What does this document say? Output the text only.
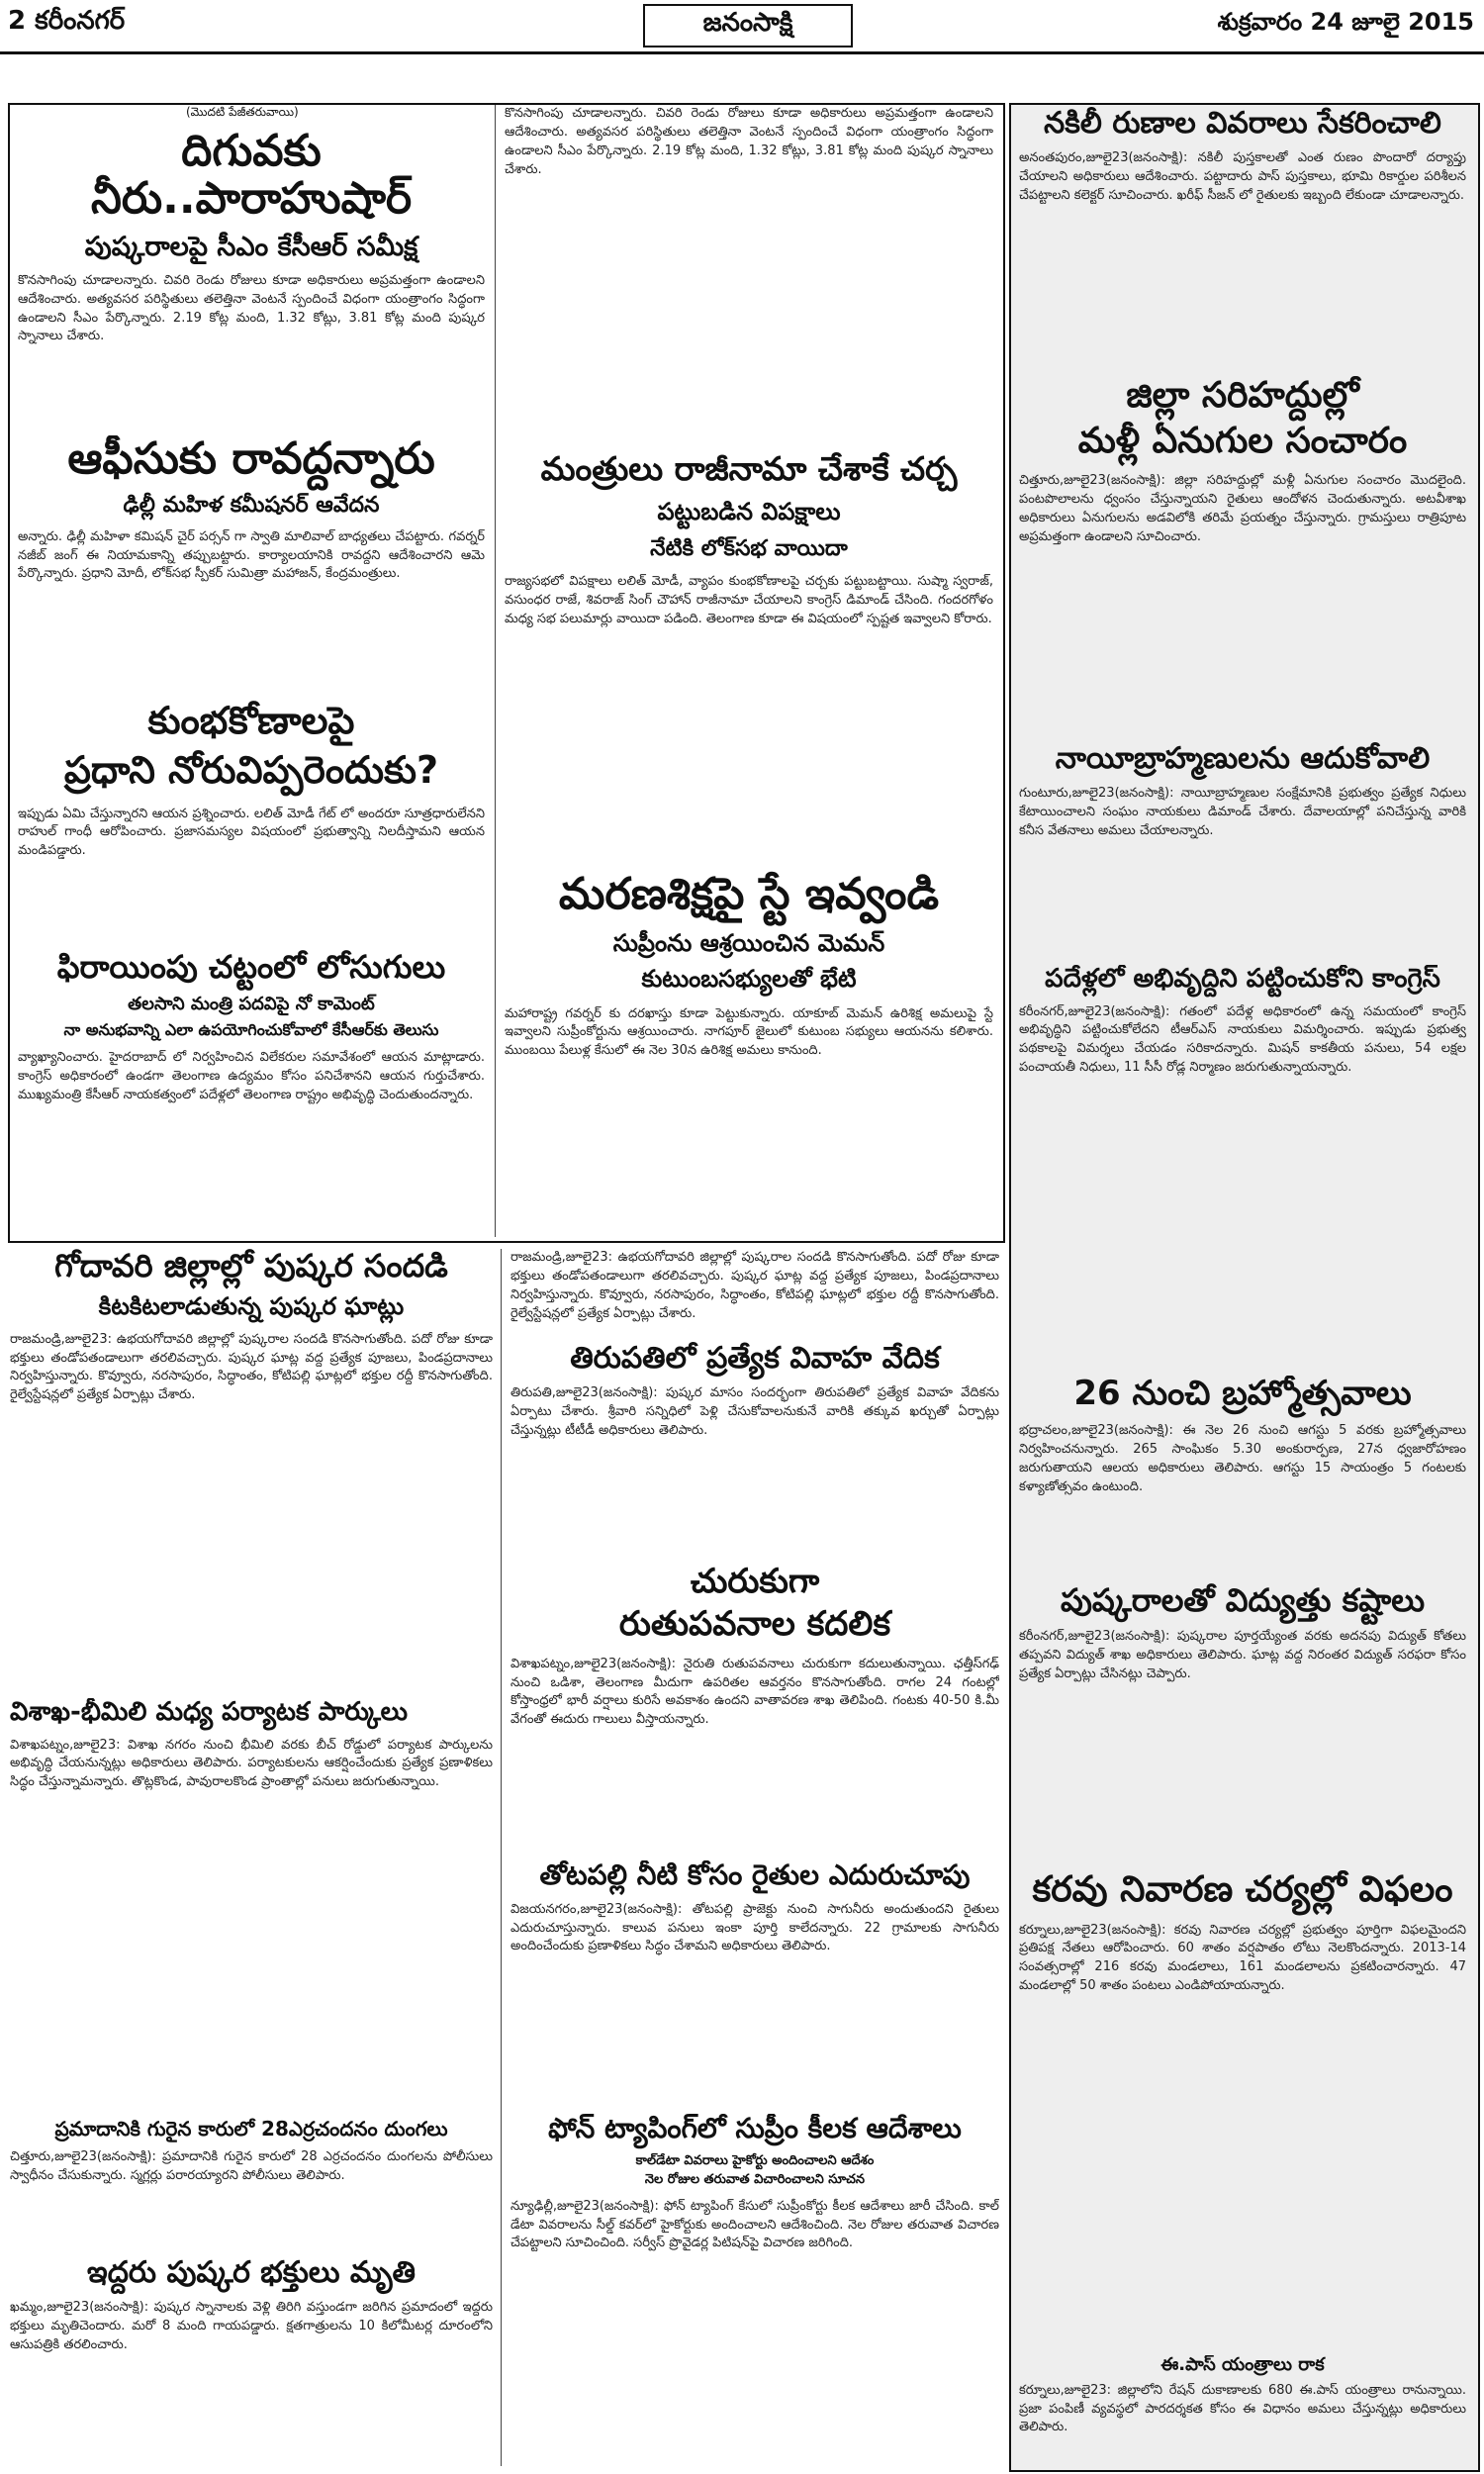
2 కరీంనగర్	జనంసాక్షి	శుక్రవారం 24 జూలై 2015
(మొదటి పేజీతరువాయి)
దిగువకు నీరు..పారాహుషార్
పుష్కరాలపై సీఎం కేసీఆర్ సమీక్ష
కొనసాగింపు చూడాలన్నారు. చివరి రెండు రోజులు కూడా అధికారులు అప్రమత్తంగా ఉండాలని ఆదేశించారు. అత్యవసర పరిస్థితులు తలెత్తినా వెంటనే స్పందించే విధంగా యంత్రాంగం సిద్ధంగా ఉండాలని సీఎం పేర్కొన్నారు. 2.19 కోట్ల మంది, 1.32 కోట్లు, 3.81 కోట్ల మంది పుష్కర స్నానాలు చేశారు.
ఆఫీసుకు రావద్దన్నారు
ఢిల్లీ మహిళ కమీషనర్ ఆవేదన
అన్నారు. ఢిల్లీ మహిళా కమిషన్ చైర్ పర్సన్ గా స్వాతి మాలివాల్ బాధ్యతలు చేపట్టారు. గవర్నర్ నజీబ్ జంగ్ ఈ నియామకాన్ని తప్పుబట్టారు. కార్యాలయానికి రావద్దని ఆదేశించారని ఆమె పేర్కొన్నారు. ప్రధాని మోదీ, లోక్‌సభ స్పీకర్ సుమిత్రా మహాజన్, కేంద్రమంత్రులు.
కుంభకోణాలపై
ప్రధాని నోరువిప్పరెందుకు?
ఇప్పుడు ఏమి చేస్తున్నారని ఆయన ప్రశ్నించారు. లలిత్ మోడీ గేట్ లో అందరూ సూత్రధారులేనని రాహుల్ గాంధీ ఆరోపించారు. ప్రజాసమస్యల విషయంలో ప్రభుత్వాన్ని నిలదీస్తామని ఆయన మండిపడ్డారు.
ఫిరాయింపు చట్టంలో లోసుగులు
తలసాని మంత్రి పదవిపై నో కామెంట్
నా అనుభవాన్ని ఎలా ఉపయోగించుకోవాలో కేసీఆర్‌కు తెలుసు
వ్యాఖ్యానించారు. హైదరాబాద్ లో నిర్వహించిన విలేకరుల సమావేశంలో ఆయన మాట్లాడారు. కాంగ్రెస్ అధికారంలో ఉండగా తెలంగాణ ఉద్యమం కోసం పనిచేశానని ఆయన గుర్తుచేశారు. ముఖ్యమంత్రి కేసీఆర్ నాయకత్వంలో పదేళ్లలో తెలంగాణ రాష్ట్రం అభివృద్ధి చెందుతుందన్నారు.
కొనసాగింపు చూడాలన్నారు. చివరి రెండు రోజులు కూడా అధికారులు అప్రమత్తంగా ఉండాలని ఆదేశించారు. అత్యవసర పరిస్థితులు తలెత్తినా వెంటనే స్పందించే విధంగా యంత్రాంగం సిద్ధంగా ఉండాలని సీఎం పేర్కొన్నారు. 2.19 కోట్ల మంది, 1.32 కోట్లు, 3.81 కోట్ల మంది పుష్కర స్నానాలు చేశారు.
మంత్రులు రాజీనామా చేశాకే చర్చ
పట్టుబడిన విపక్షాలు
నేటికి లోక్‌సభ వాయిదా
రాజ్యసభలో విపక్షాలు లలిత్ మోడీ, వ్యాపం కుంభకోణాలపై చర్చకు పట్టుబట్టాయి. సుష్మా స్వరాజ్, వసుంధర రాజే, శివరాజ్ సింగ్ చౌహాన్ రాజీనామా చేయాలని కాంగ్రెస్ డిమాండ్ చేసింది. గందరగోళం మధ్య సభ పలుమార్లు వాయిదా పడింది. తెలంగాణ కూడా ఈ విషయంలో స్పష్టత ఇవ్వాలని కోరారు.
మరణశిక్షపై స్టే ఇవ్వండి
సుప్రీంను ఆశ్రయించిన మెమన్
కుటుంబసభ్యులతో భేటి
మహారాష్ట్ర గవర్నర్ కు దరఖాస్తు కూడా పెట్టుకున్నారు. యాకూబ్ మెమన్ ఉరిశిక్ష అమలుపై స్టే ఇవ్వాలని సుప్రీంకోర్టును ఆశ్రయించారు. నాగపూర్ జైలులో కుటుంబ సభ్యులు ఆయనను కలిశారు. ముంబయి పేలుళ్ల కేసులో ఈ నెల 30న ఉరిశిక్ష అమలు కానుంది.
నకిలీ రుణాల వివరాలు సేకరించాలి
అనంతపురం,జూలై23(జనంసాక్షి): నకిలీ పుస్తకాలతో ఎంత రుణం పొందారో దర్యాప్తు చేయాలని అధికారులు ఆదేశించారు. పట్టాదారు పాస్ పుస్తకాలు, భూమి రికార్డుల పరిశీలన చేపట్టాలని కలెక్టర్ సూచించారు. ఖరీఫ్ సీజన్ లో రైతులకు ఇబ్బంది లేకుండా చూడాలన్నారు.
జిల్లా సరిహద్దుల్లో
మళ్లీ ఏనుగుల సంచారం
చిత్తూరు,జూలై23(జనంసాక్షి): జిల్లా సరిహద్దుల్లో మళ్లీ ఏనుగుల సంచారం మొదలైంది. పంటపొలాలను ధ్వంసం చేస్తున్నాయని రైతులు ఆందోళన చెందుతున్నారు. అటవీశాఖ అధికారులు ఏనుగులను అడవిలోకి తరిమే ప్రయత్నం చేస్తున్నారు. గ్రామస్తులు రాత్రిపూట అప్రమత్తంగా ఉండాలని సూచించారు.
నాయీబ్రాహ్మణులను ఆదుకోవాలి
గుంటూరు,జూలై23(జనంసాక్షి): నాయీబ్రాహ్మణుల సంక్షేమానికి ప్రభుత్వం ప్రత్యేక నిధులు కేటాయించాలని సంఘం నాయకులు డిమాండ్ చేశారు. దేవాలయాల్లో పనిచేస్తున్న వారికి కనీస వేతనాలు అమలు చేయాలన్నారు.
పదేళ్లలో అభివృద్దిని పట్టించుకోని కాంగ్రెస్
కరీంనగర్,జూలై23(జనంసాక్షి): గతంలో పదేళ్ల అధికారంలో ఉన్న సమయంలో కాంగ్రెస్ అభివృద్ధిని పట్టించుకోలేదని టీఆర్ఎస్ నాయకులు విమర్శించారు. ఇప్పుడు ప్రభుత్వ పథకాలపై విమర్శలు చేయడం సరికాదన్నారు. మిషన్ కాకతీయ పనులు, 54 లక్షల పంచాయతీ నిధులు, 11 సీసీ రోడ్ల నిర్మాణం జరుగుతున్నాయన్నారు.
26 నుంచి బ్రహ్మోత్సవాలు
భద్రాచలం,జూలై23(జనంసాక్షి): ఈ నెల 26 నుంచి ఆగస్టు 5 వరకు బ్రహ్మోత్సవాలు నిర్వహించనున్నారు. 265 సాంఘికం 5.30 అంకురార్పణ, 27న ధ్వజారోహణం జరుగుతాయని ఆలయ అధికారులు తెలిపారు. ఆగస్టు 15 సాయంత్రం 5 గంటలకు కళ్యాణోత్సవం ఉంటుంది.
పుష్కరాలతో విద్యుత్తు కష్టాలు
కరీంనగర్,జూలై23(జనంసాక్షి): పుష్కరాల పూర్తయ్యేంత వరకు అదనపు విద్యుత్ కోతలు తప్పవని విద్యుత్ శాఖ అధికారులు తెలిపారు. ఘాట్ల వద్ద నిరంతర విద్యుత్ సరఫరా కోసం ప్రత్యేక ఏర్పాట్లు చేసినట్లు చెప్పారు.
కరవు నివారణ చర్యల్లో విఫలం
కర్నూలు,జూలై23(జనంసాక్షి): కరవు నివారణ చర్యల్లో ప్రభుత్వం పూర్తిగా విఫలమైందని ప్రతిపక్ష నేతలు ఆరోపించారు. 60 శాతం వర్షపాతం లోటు నెలకొందన్నారు. 2013-14 సంవత్సరాల్లో 216 కరవు మండలాలు, 161 మండలాలను ప్రకటించారన్నారు. 47 మండలాల్లో 50 శాతం పంటలు ఎండిపోయాయన్నారు.
ఈ.పాస్ యంత్రాలు రాక
కర్నూలు,జూలై23: జిల్లాలోని రేషన్ దుకాణాలకు 680 ఈ.పాస్ యంత్రాలు రానున్నాయి. ప్రజా పంపిణీ వ్యవస్థలో పారదర్శకత కోసం ఈ విధానం అమలు చేస్తున్నట్లు అధికారులు తెలిపారు.
గోదావరి జిల్లాల్లో పుష్కర సందడి
కిటకిటలాడుతున్న పుష్కర ఘాట్లు
రాజమండ్రి,జూలై23: ఉభయగోదావరి జిల్లాల్లో పుష్కరాల సందడి కొనసాగుతోంది. పదో రోజు కూడా భక్తులు తండోపతండాలుగా తరలివచ్చారు. పుష్కర ఘాట్ల వద్ద ప్రత్యేక పూజలు, పిండప్రదానాలు నిర్వహిస్తున్నారు. కొవ్వూరు, నరసాపురం, సిద్ధాంతం, కోటిపల్లి ఘాట్లలో భక్తుల రద్దీ కొనసాగుతోంది. రైల్వేస్టేషన్లలో ప్రత్యేక ఏర్పాట్లు చేశారు.
విశాఖ-భీమిలి మధ్య పర్యాటక పార్కులు
విశాఖపట్నం,జూలై23: విశాఖ నగరం నుంచి భీమిలి వరకు బీచ్ రోడ్డులో పర్యాటక పార్కులను అభివృద్ధి చేయనున్నట్లు అధికారులు తెలిపారు. పర్యాటకులను ఆకర్షించేందుకు ప్రత్యేక ప్రణాళికలు సిద్ధం చేస్తున్నామన్నారు. తొట్లకొండ, పావురాలకొండ ప్రాంతాల్లో పనులు జరుగుతున్నాయి.
ప్రమాదానికి గురైన కారులో 28ఎర్రచందనం దుంగలు
చిత్తూరు,జూలై23(జనంసాక్షి): ప్రమాదానికి గురైన కారులో 28 ఎర్రచందనం దుంగలను పోలీసులు స్వాధీనం చేసుకున్నారు. స్మగ్లర్లు పరారయ్యారని పోలీసులు తెలిపారు.
ఇద్దరు పుష్కర భక్తులు మృతి
ఖమ్మం,జూలై23(జనంసాక్షి): పుష్కర స్నానాలకు వెళ్లి తిరిగి వస్తుండగా జరిగిన ప్రమాదంలో ఇద్దరు భక్తులు మృతిచెందారు. మరో 8 మంది గాయపడ్డారు. క్షతగాత్రులను 10 కిలోమీటర్ల దూరంలోని ఆసుపత్రికి తరలించారు.
రాజమండ్రి,జూలై23: ఉభయగోదావరి జిల్లాల్లో పుష్కరాల సందడి కొనసాగుతోంది. పదో రోజు కూడా భక్తులు తండోపతండాలుగా తరలివచ్చారు. పుష్కర ఘాట్ల వద్ద ప్రత్యేక పూజలు, పిండప్రదానాలు నిర్వహిస్తున్నారు. కొవ్వూరు, నరసాపురం, సిద్ధాంతం, కోటిపల్లి ఘాట్లలో భక్తుల రద్దీ కొనసాగుతోంది. రైల్వేస్టేషన్లలో ప్రత్యేక ఏర్పాట్లు చేశారు.
తిరుపతిలో ప్రత్యేక వివాహ వేదిక
తిరుపతి,జూలై23(జనంసాక్షి): పుష్కర మాసం సందర్భంగా తిరుపతిలో ప్రత్యేక వివాహ వేదికను ఏర్పాటు చేశారు. శ్రీవారి సన్నిధిలో పెళ్లి చేసుకోవాలనుకునే వారికి తక్కువ ఖర్చుతో ఏర్పాట్లు చేస్తున్నట్లు టీటీడీ అధికారులు తెలిపారు.
చురుకుగా
రుతుపవనాల కదలిక
విశాఖపట్నం,జూలై23(జనంసాక్షి): నైరుతి రుతుపవనాలు చురుకుగా కదులుతున్నాయి. ఛత్తీస్‌గఢ్ నుంచి ఒడిశా, తెలంగాణ మీదుగా ఉపరితల ఆవర్తనం కొనసాగుతోంది. రాగల 24 గంటల్లో కోస్తాంధ్రలో భారీ వర్షాలు కురిసే అవకాశం ఉందని వాతావరణ శాఖ తెలిపింది. గంటకు 40-50 కి.మీ వేగంతో ఈదురు గాలులు వీస్తాయన్నారు.
తోటపల్లి నీటి కోసం రైతుల ఎదురుచూపు
విజయనగరం,జూలై23(జనంసాక్షి): తోటపల్లి ప్రాజెక్టు నుంచి సాగునీరు అందుతుందని రైతులు ఎదురుచూస్తున్నారు. కాలువ పనులు ఇంకా పూర్తి కాలేదన్నారు. 22 గ్రామాలకు సాగునీరు అందించేందుకు ప్రణాళికలు సిద్ధం చేశామని అధికారులు తెలిపారు.
ఫోన్ ట్యాపింగ్‌లో సుప్రీం కీలక ఆదేశాలు
కాల్‌డేటా వివరాలు హైకోర్టు అందించాలని ఆదేశం
నెల రోజుల తరువాత విచారించాలని సూచన
న్యూఢిల్లీ,జూలై23(జనంసాక్షి): ఫోన్ ట్యాపింగ్ కేసులో సుప్రీంకోర్టు కీలక ఆదేశాలు జారీ చేసింది. కాల్ డేటా వివరాలను సీల్డ్ కవర్‌లో హైకోర్టుకు అందించాలని ఆదేశించింది. నెల రోజుల తరువాత విచారణ చేపట్టాలని సూచించింది. సర్వీస్ ప్రొవైడర్ల పిటిషన్‌పై విచారణ జరిగింది.
